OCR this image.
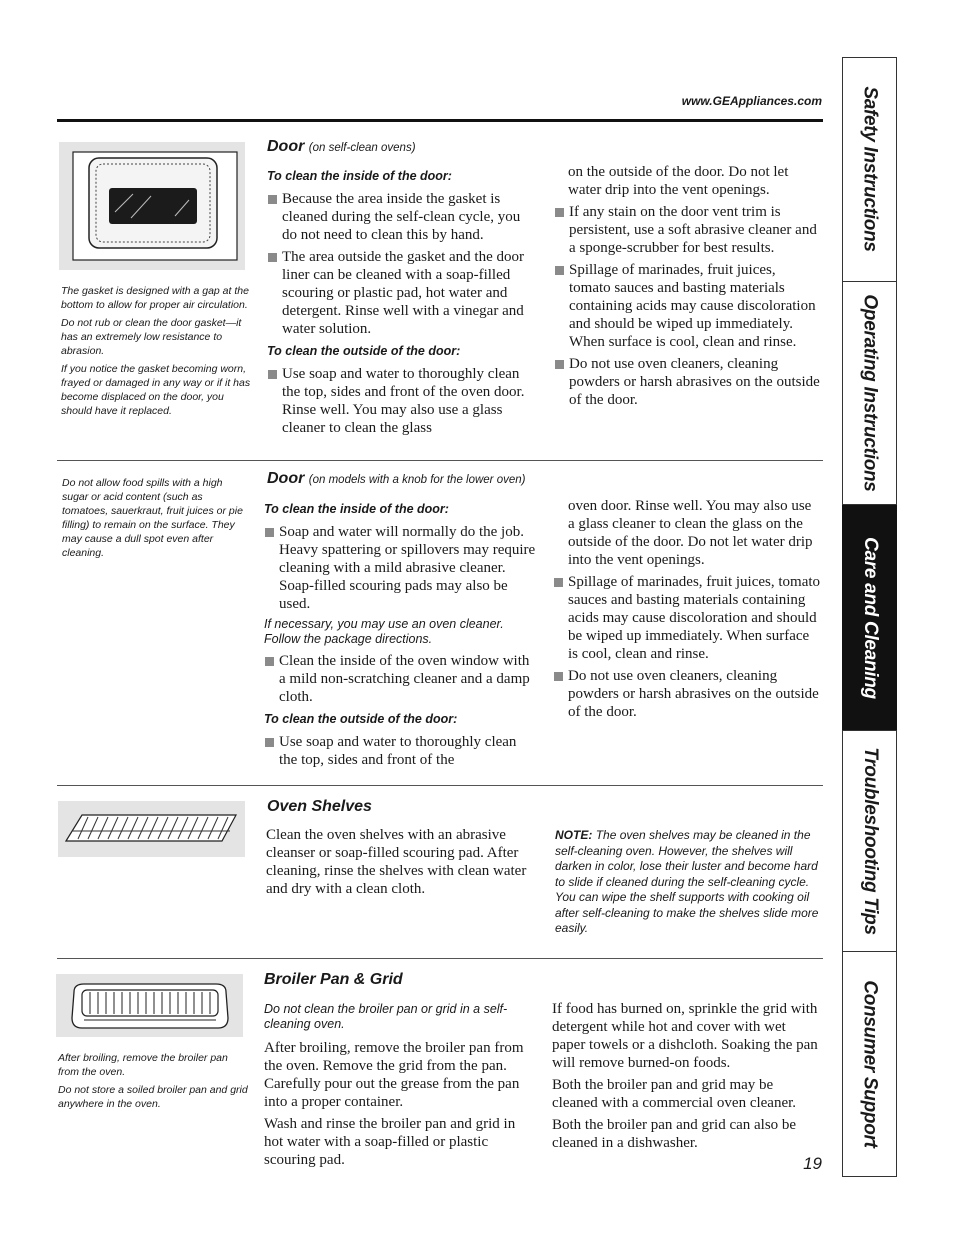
www.GEAppliances.com Safety Instructions
Operating Instructions
Care and Cleaning
Troubleshooting Tips
Consumer Support

The gasket is designed with a gap at the bottom to allow for proper air circulation.

Do not rub or clean the door gasket—it has an extremely low resistance to abrasion.

If you notice the gasket becoming worn, frayed or damaged in any way or if it has become displaced on the door, you should have it replaced.

Door (on self-clean ovens)
To clean the inside of the door:
Because the area inside the gasket is cleaned during the self-clean cycle, you do not need to clean this by hand.
The area outside the gasket and the door liner can be cleaned with a soap-filled scouring or plastic pad, hot water and detergent. Rinse well with a vinegar and water solution.
To clean the outside of the door:
Use soap and water to thoroughly clean the top, sides and front of the oven door. Rinse well. You may also use a glass cleaner to clean the glass
on the outside of the door. Do not let water drip into the vent openings.
If any stain on the door vent trim is persistent, use a soft abrasive cleaner and a sponge-scrubber for best results.
Spillage of marinades, fruit juices, tomato sauces and basting materials containing acids may cause discoloration and should be wiped up immediately. When surface is cool, clean and rinse.
Do not use oven cleaners, cleaning powders or harsh abrasives on the outside of the door.
Do not allow food spills with a high sugar or acid content (such as tomatoes, sauerkraut, fruit juices or pie filling) to remain on the surface. They may cause a dull spot even after cleaning.
Door (on models with a knob for the lower oven)
To clean the inside of the door:
Soap and water will normally do the job. Heavy spattering or spillovers may require cleaning with a mild abrasive cleaner. Soap-filled scouring pads may also be used.
If necessary, you may use an oven cleaner. Follow the package directions.
Clean the inside of the oven window with a mild non-scratching cleaner and a damp cloth.
To clean the outside of the door:
Use soap and water to thoroughly clean the top, sides and front of the
oven door. Rinse well. You may also use a glass cleaner to clean the glass on the outside of the door. Do not let water drip into the vent openings.
Spillage of marinades, fruit juices, tomato sauces and basting materials containing acids may cause discoloration and should be wiped up immediately. When surface is cool, clean and rinse.
Do not use oven cleaners, cleaning powders or harsh abrasives on the outside of the door.
Oven Shelves
Clean the oven shelves with an abrasive cleanser or soap-filled scouring pad. After cleaning, rinse the shelves with clean water and dry with a clean cloth.
NOTE: The oven shelves may be cleaned in the self-cleaning oven. However, the shelves will darken in color, lose their luster and become hard to slide if cleaned during the self-cleaning cycle. You can wipe the shelf supports with cooking oil after self-cleaning to make the shelves slide more easily.

After broiling, remove the broiler pan from the oven.

Do not store a soiled broiler pan and grid anywhere in the oven.

Broiler Pan & Grid
Do not clean the broiler pan or grid in a self-cleaning oven.
After broiling, remove the broiler pan from the oven. Remove the grid from the pan. Carefully pour out the grease from the pan into a proper container.
Wash and rinse the broiler pan and grid in hot water with a soap-filled or plastic scouring pad.
If food has burned on, sprinkle the grid with detergent while hot and cover with wet paper towels or a dishcloth. Soaking the pan will remove burned-on foods.
Both the broiler pan and grid may be cleaned with a commercial oven cleaner.
Both the broiler pan and grid can also be cleaned in a dishwasher.
19
